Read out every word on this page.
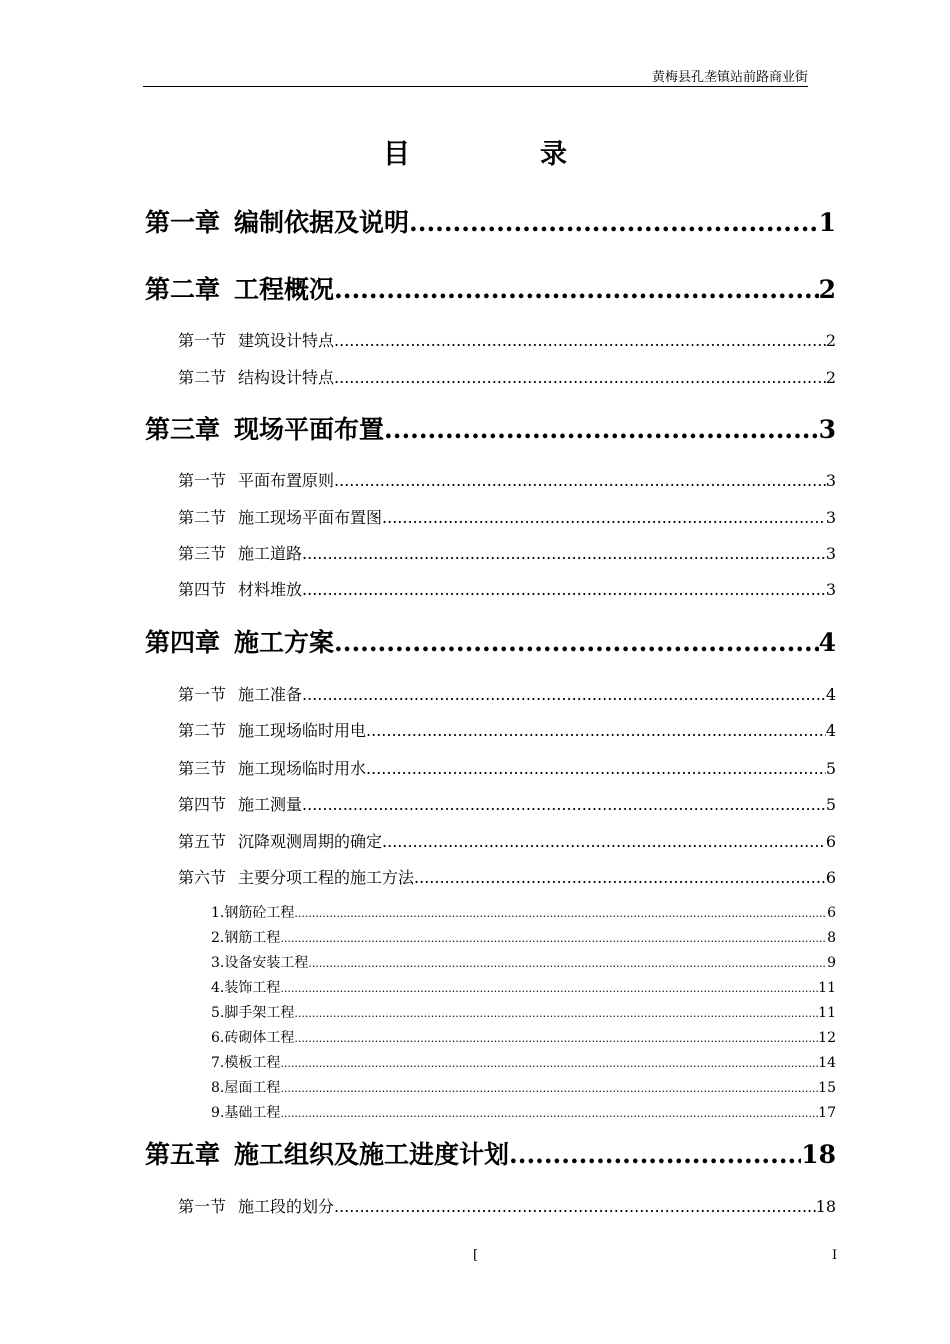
黄梅县孔垄镇站前路商业街
目	录
第一章 编制依据及说明 .....	1
第二章 工程概况 .....	2
第一节 建筑设计特点 .....	2
第二节 结构设计特点 .....	2
第三章 现场平面布置 .....	3
第一节 平面布置原则 .....	3
第二节 施工现场平面布置图 .....	3
第三节 施工道路 .....	3
第四节 材料堆放 .....	3
第四章 施工方案 .....	4
第一节 施工准备 .....	4
第二节 施工现场临时用电 .....	4
第三节 施工现场临时用水 .....	5
第四节 施工测量 .....	5
第五节 沉降观测周期的确定 .....	6
第六节 主要分项工程的施工方法 .....	6
1. 钢筋砼工程 .....	6
2. 钢筋工程 .....	8
3. 设备安装工程 .....	9
4. 装饰工程 .....	11
5. 脚手架工程 .....	11
6. 砖砌体工程 .....	12
7. 模板工程 .....	14
8. 屋面工程 .....	15
9. 基础工程 .....	17
第五章 施工组织及施工进度计划 .....	18
第一节 施工段的划分 .....	18
[	I
